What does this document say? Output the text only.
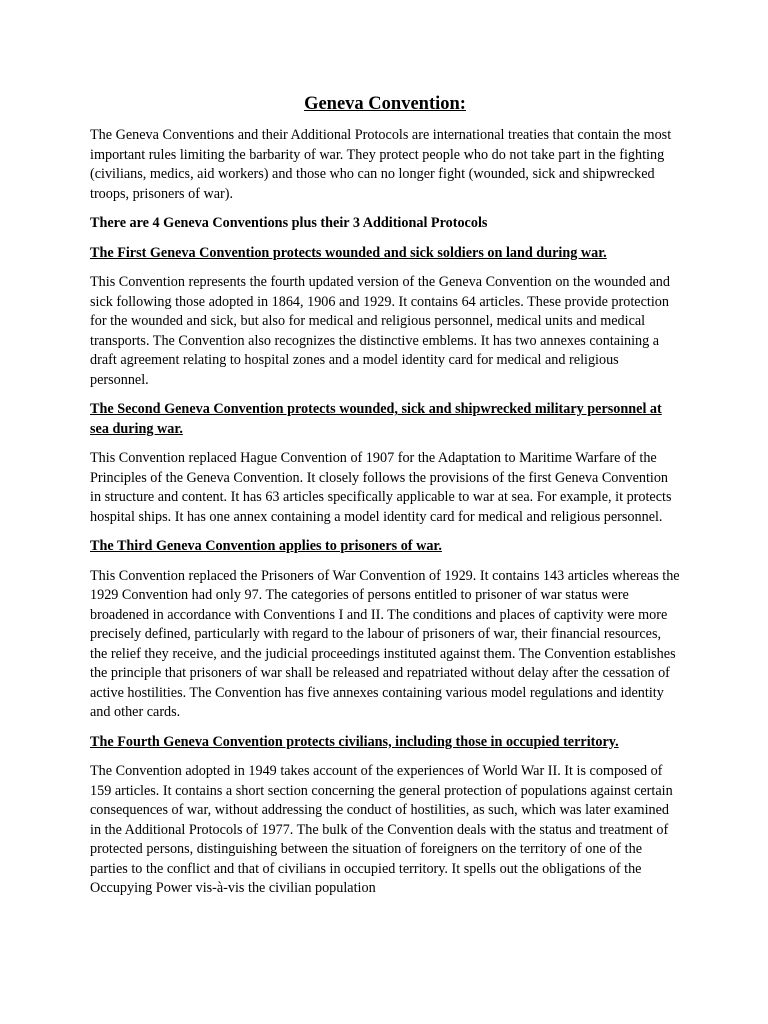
Geneva Convention:

The Geneva Conventions and their Additional Protocols are international treaties that contain the most important rules limiting the barbarity of war. They protect people who do not take part in the fighting (civilians, medics, aid workers) and those who can no longer fight (wounded, sick and shipwrecked troops, prisoners of war).

There are 4 Geneva Conventions plus their 3 Additional Protocols
The First Geneva Convention protects wounded and sick soldiers on land during war.

This Convention represents the fourth updated version of the Geneva Convention on the wounded and sick following those adopted in 1864, 1906 and 1929. It contains 64 articles. These provide protection for the wounded and sick, but also for medical and religious personnel, medical units and medical transports. The Convention also recognizes the distinctive emblems. It has two annexes containing a draft agreement relating to hospital zones and a model identity card for medical and religious personnel.

The Second Geneva Convention protects wounded, sick and shipwrecked military personnel at sea during war.

This Convention replaced Hague Convention of 1907 for the Adaptation to Maritime Warfare of the Principles of the Geneva Convention. It closely follows the provisions of the first Geneva Convention in structure and content. It has 63 articles specifically applicable to war at sea. For example, it protects hospital ships. It has one annex containing a model identity card for medical and religious personnel.

The Third Geneva Convention applies to prisoners of war.

This Convention replaced the Prisoners of War Convention of 1929. It contains 143 articles whereas the 1929 Convention had only 97. The categories of persons entitled to prisoner of war status were broadened in accordance with Conventions I and II. The conditions and places of captivity were more precisely defined, particularly with regard to the labour of prisoners of war, their financial resources, the relief they receive, and the judicial proceedings instituted against them. The Convention establishes the principle that prisoners of war shall be released and repatriated without delay after the cessation of active hostilities. The Convention has five annexes containing various model regulations and identity and other cards.

The Fourth Geneva Convention protects civilians, including those in occupied territory.

The Convention adopted in 1949 takes account of the experiences of World War II. It is composed of 159 articles. It contains a short section concerning the general protection of populations against certain consequences of war, without addressing the conduct of hostilities, as such, which was later examined in the Additional Protocols of 1977. The bulk of the Convention deals with the status and treatment of protected persons, distinguishing between the situation of foreigners on the territory of one of the parties to the conflict and that of civilians in occupied territory. It spells out the obligations of the Occupying Power vis-à-vis the civilian population
